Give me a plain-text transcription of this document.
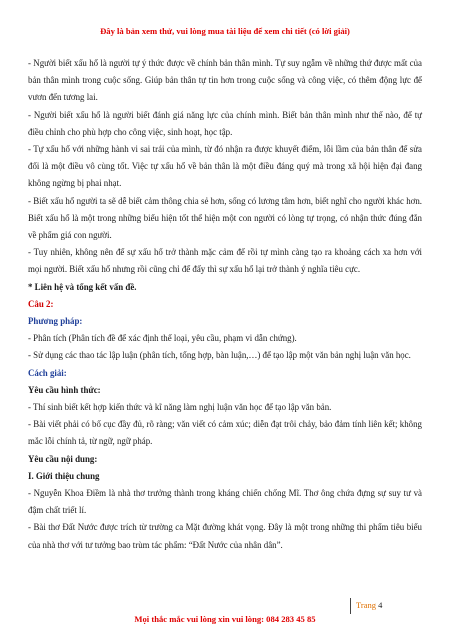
Đây là bản xem thử, vui lòng mua tài liệu để xem chi tiết (có lời giải)

- Người biết xấu hổ là người tự ý thức được về chính bản thân mình. Tự suy ngẫm về những thứ được mất của bản thân mình trong cuộc sống. Giúp bản thân tự tin hơn trong cuộc sống và công việc, có thêm động lực để vươn đến tương lai.

- Người biết xấu hổ là người biết đánh giá năng lực của chính mình. Biết bản thân mình như thế nào, để tự điều chỉnh cho phù hợp cho công việc, sinh hoạt, học tập.

- Tự xấu hổ với những hành vi sai trái của mình, từ đó nhận ra được khuyết điểm, lỗi lầm của bản thân để sửa đổi là một điều vô cùng tốt. Việc tự xấu hổ về bản thân là một điều đáng quý mà trong xã hội hiện đại đang không ngừng bị phai nhạt.

- Biết xấu hổ người ta sẽ dễ biết cảm thông chia sẻ hơn, sống có lương tâm hơn, biết nghĩ cho người khác hơn. Biết xấu hổ là một trong những biểu hiện tốt thể hiện một con người có lòng tự trọng, có nhận thức đúng đắn về phẩm giá con người.

- Tuy nhiên, không nên để sự xấu hổ trở thành mặc cảm để rồi tự mình càng tạo ra khoảng cách xa hơn với mọi người. Biết xấu hổ nhưng rồi cũng chỉ để đấy thì sự xấu hổ lại trở thành ý nghĩa tiêu cực.

* Liên hệ và tổng kết vấn đề.

Câu 2:

Phương pháp:

- Phân tích (Phân tích đề để xác định thể loại, yêu cầu, phạm vi dẫn chứng).

- Sử dụng các thao tác lập luận (phân tích, tổng hợp, bàn luận,…) để tạo lập một văn bản nghị luận văn học.

Cách giải:

Yêu cầu hình thức:

- Thí sinh biết kết hợp kiến thức và kĩ năng làm nghị luận văn học để tạo lập văn bản.

- Bài viết phải có bố cục đầy đủ, rõ ràng; văn viết có cảm xúc; diễn đạt trôi chảy, bảo đảm tính liên kết; không mắc lỗi chính tả, từ ngữ, ngữ pháp.

Yêu cầu nội dung:

I. Giới thiệu chung

- Nguyễn Khoa Điềm là nhà thơ trưởng thành trong kháng chiến chống Mĩ. Thơ ông chứa đựng sự suy tư và đậm chất triết lí.

- Bài thơ Đất Nước được trích từ trường ca Mặt đường khát vọng. Đây là một trong những thi phẩm tiêu biểu của nhà thơ với tư tưởng bao trùm tác phẩm: “Đất Nước của nhân dân”.

Trang 4
Mọi thắc mắc vui lòng xin vui lòng: 084 283 45 85
